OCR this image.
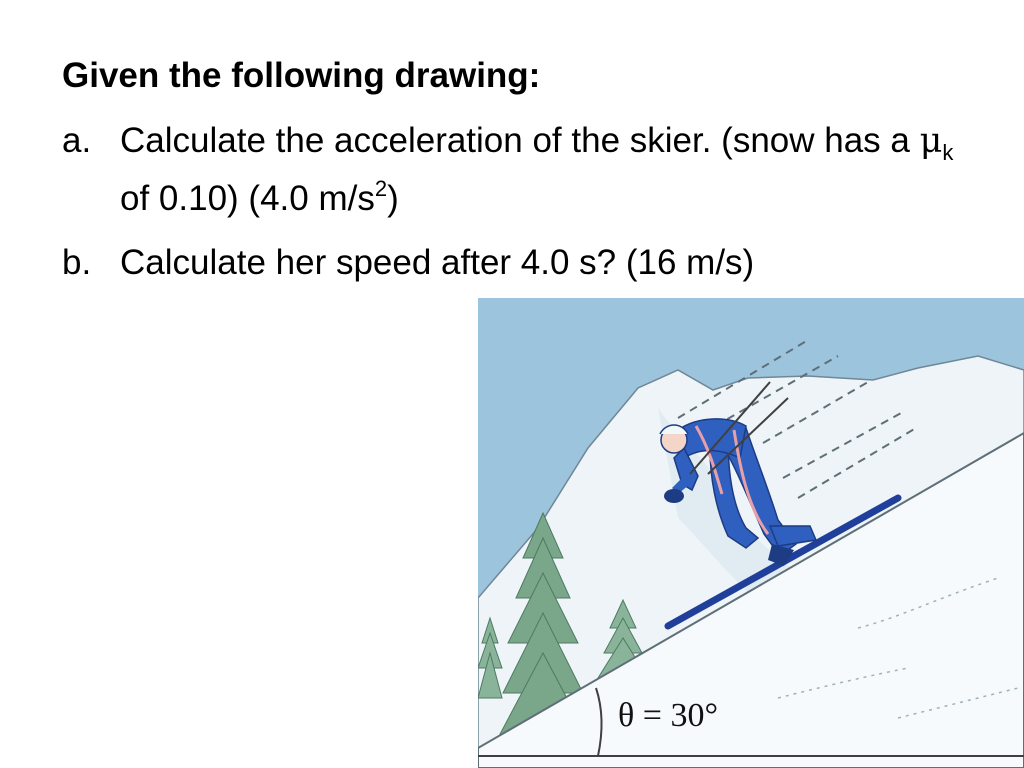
Given the following drawing:
a. Calculate the acceleration of the skier. (snow has a $\mu_k$ of 0.10) (4.0 $m/s^2$)
b. Calculate her speed after 4.0 s? (16 m/s)
θ = 30°
